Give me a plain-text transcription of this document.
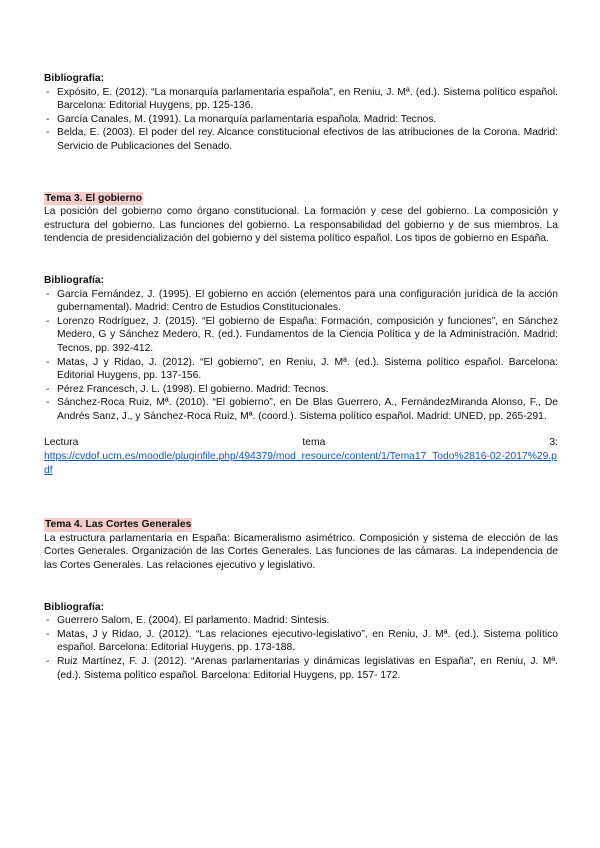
Bibliografía:

- Expósito, E. (2012). “La monarquía parlamentaria española”, en Reniu, J. Mª. (ed.). Sistema político español. Barcelona: Editorial Huygens, pp. 125-136.
- García Canales, M. (1991). La monarquía parlamentaria española. Madrid: Tecnos.
- Belda, E. (2003). El poder del rey. Alcance constitucional efectivos de las atribuciones de la Corona. Madrid: Servicio de Publicaciones del Senado.
Tema 3. El gobierno

La posición del gobierno como órgano constitucional. La formación y cese del gobierno. La composición y estructura del gobierno. Las funciones del gobierno. La responsabilidad del gobierno y de sus miembros. La tendencia de presidencialización del gobierno y del sistema político español. Los tipos de gobierno en España.

Bibliografía:

- García Fernández, J. (1995). El gobierno en acción (elementos para una configuración jurídica de la acción gubernamental). Madrid: Centro de Estudios Constitucionales.
- Lorenzo Rodríguez, J. (2015). “El gobierno de España: Formación, composición y funciones”, en Sánchez Medero, G y Sánchez Medero, R. (ed.). Fundamentos de la Ciencia Política y de la Administración. Madrid: Tecnos, pp. 392-412.
- Matas, J y Ridao, J. (2012). “El gobierno”, en Reniu, J. Mª. (ed.). Sistema político español. Barcelona: Editorial Huygens, pp. 137-156.
- Pérez Francesch, J. L. (1998). El gobierno. Madrid: Tecnos.
- Sánchez-Roca Ruiz, Mª. (2010). “El gobierno”, en De Blas Guerrero, A., FernándezMiranda Alonso, F., De Andrés Sanz, J., y Sánchez-Roca Ruiz, Mª. (coord.). Sistema político español. Madrid: UNED, pp. 265-291.
Lectura	tema	3:
https://cvdof.ucm.es/moodle/pluginfile.php/494379/mod_resource/content/1/Tema17_Todo%2816-02-2017%29.pdf
Tema 4. Las Cortes Generales

La estructura parlamentaria en España: Bicameralismo asimétrico. Composición y sistema de elección de las Cortes Generales. Organización de las Cortes Generales. Las funciones de las cámaras. La independencia de las Cortes Generales. Las relaciones ejecutivo y legislativo.

Bibliografía:

- Guerrero Salom, E. (2004). El parlamento. Madrid: Sintesis.
- Matas, J y Ridao, J. (2012). “Las relaciones ejecutivo-legislativo”, en Reniu, J. Mª. (ed.). Sistema político español. Barcelona: Editorial Huygens, pp. 173-188.
- Ruiz Martínez, F. J. (2012). “Arenas parlamentarias y dinámicas legislativas en España”, en Reniu, J. Mª. (ed.). Sistema político español. Barcelona: Editorial Huygens, pp. 157- 172.
